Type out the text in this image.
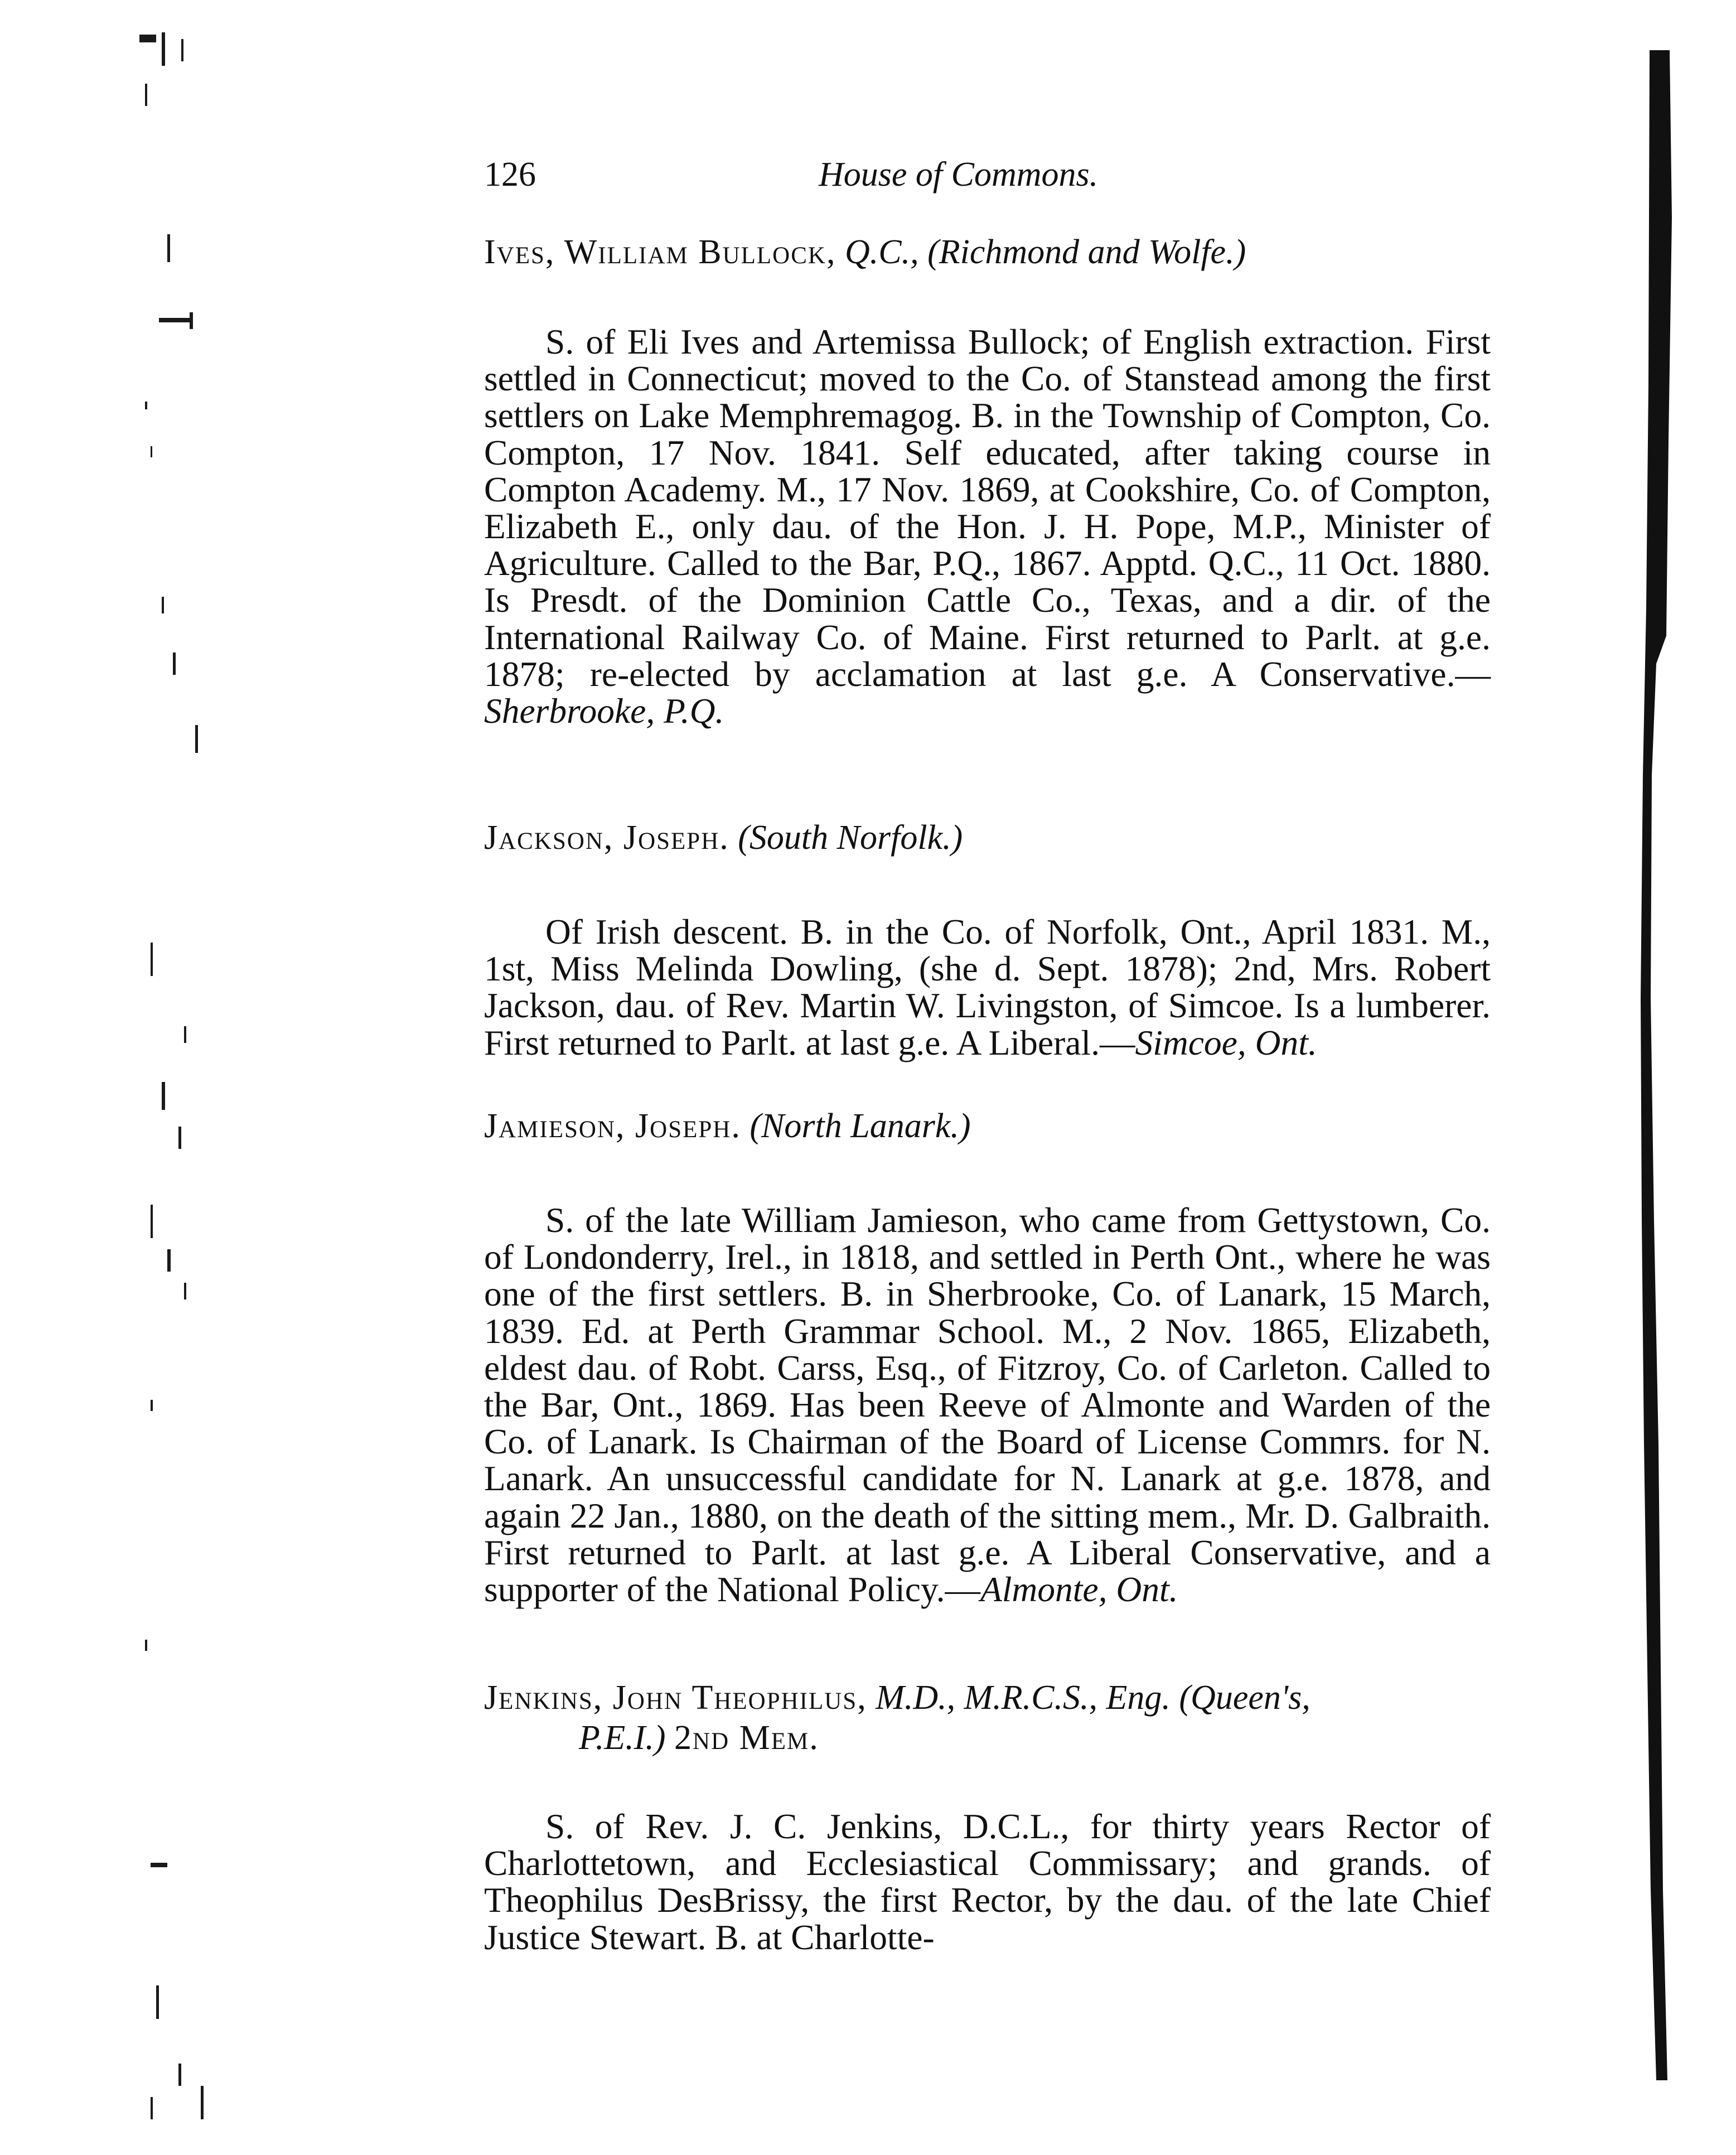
126	House of Commons.

Ives, William Bullock, Q.C., (Richmond and Wolfe.)

S. of Eli Ives and Artemissa Bullock; of English extraction. First settled in Connecticut; moved to the Co. of Stanstead among the first settlers on Lake Memphremagog. B. in the Township of Compton, Co. Compton, 17 Nov. 1841. Self educated, after taking course in Compton Academy. M., 17 Nov. 1869, at Cookshire, Co. of Compton, Elizabeth E., only dau. of the Hon. J. H. Pope, M.P., Minister of Agriculture. Called to the Bar, P.Q., 1867. Apptd. Q.C., 11 Oct. 1880. Is Presdt. of the Dominion Cattle Co., Texas, and a dir. of the International Railway Co. of Maine. First returned to Parlt. at g.e. 1878; re-elected by acclamation at last g.e. A Conservative.—Sherbrooke, P.Q.

Jackson, Joseph. (South Norfolk.)

Of Irish descent. B. in the Co. of Norfolk, Ont., April 1831. M., 1st, Miss Melinda Dowling, (she d. Sept. 1878); 2nd, Mrs. Robert Jackson, dau. of Rev. Martin W. Livingston, of Simcoe. Is a lumberer. First returned to Parlt. at last g.e. A Liberal.—Simcoe, Ont.

Jamieson, Joseph. (North Lanark.)

S. of the late William Jamieson, who came from Gettystown, Co. of Londonderry, Irel., in 1818, and settled in Perth Ont., where he was one of the first settlers. B. in Sherbrooke, Co. of Lanark, 15 March, 1839. Ed. at Perth Grammar School. M., 2 Nov. 1865, Elizabeth, eldest dau. of Robt. Carss, Esq., of Fitzroy, Co. of Carleton. Called to the Bar, Ont., 1869. Has been Reeve of Almonte and Warden of the Co. of Lanark. Is Chairman of the Board of License Commrs. for N. Lanark. An unsuccessful candidate for N. Lanark at g.e. 1878, and again 22 Jan., 1880, on the death of the sitting mem., Mr. D. Galbraith. First returned to Parlt. at last g.e. A Liberal Conservative, and a supporter of the National Policy.—Almonte, Ont.

Jenkins, John Theophilus, M.D., M.R.C.S., Eng. (Queen's,
P.E.I.) 2nd Mem.

S. of Rev. J. C. Jenkins, D.C.L., for thirty years Rector of Charlottetown, and Ecclesiastical Commissary; and grands. of Theophilus DesBrissy, the first Rector, by the dau. of the late Chief Justice Stewart. B. at Charlotte-
